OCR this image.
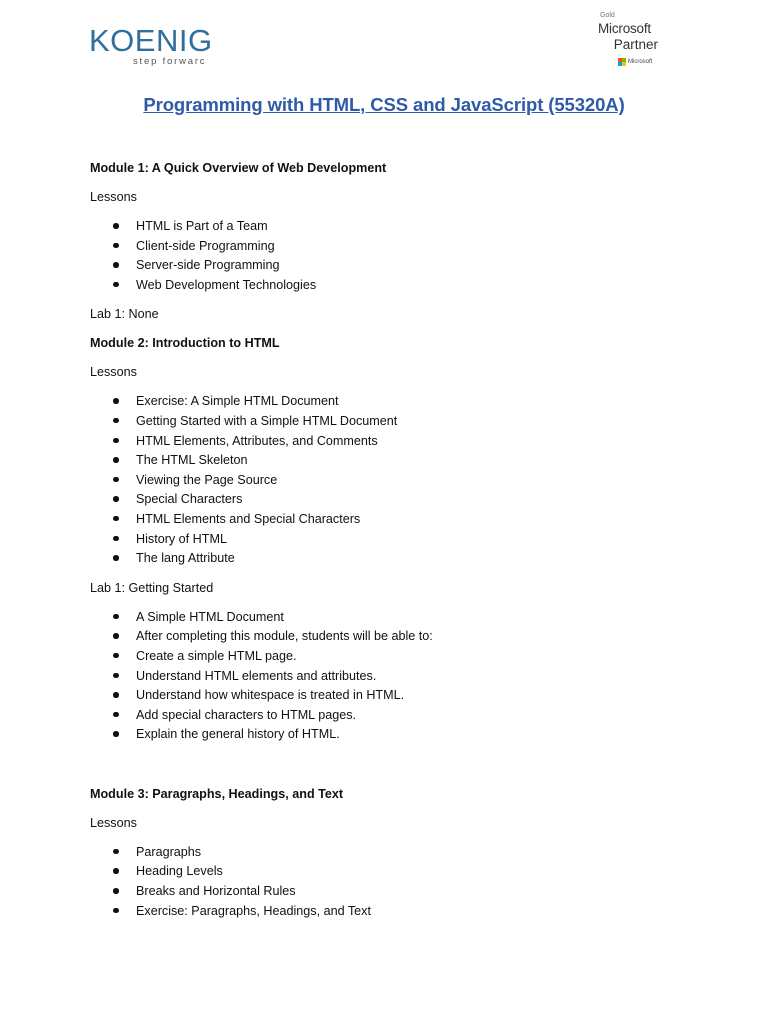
KOENIG
step forwarc
Gold
Microsoft
Partner
Microsoft
Programming with HTML, CSS and JavaScript (55320A)
Module 1: A Quick Overview of Web Development
Lessons
HTML is Part of a Team
Client-side Programming
Server-side Programming
Web Development Technologies
Lab 1: None
Module 2: Introduction to HTML
Lessons
Exercise: A Simple HTML Document
Getting Started with a Simple HTML Document
HTML Elements, Attributes, and Comments
The HTML Skeleton
Viewing the Page Source
Special Characters
HTML Elements and Special Characters
History of HTML
The lang Attribute
Lab 1: Getting Started
A Simple HTML Document
After completing this module, students will be able to:
Create a simple HTML page.
Understand HTML elements and attributes.
Understand how whitespace is treated in HTML.
Add special characters to HTML pages.
Explain the general history of HTML.
Module 3: Paragraphs, Headings, and Text
Lessons
Paragraphs
Heading Levels
Breaks and Horizontal Rules
Exercise: Paragraphs, Headings, and Text
